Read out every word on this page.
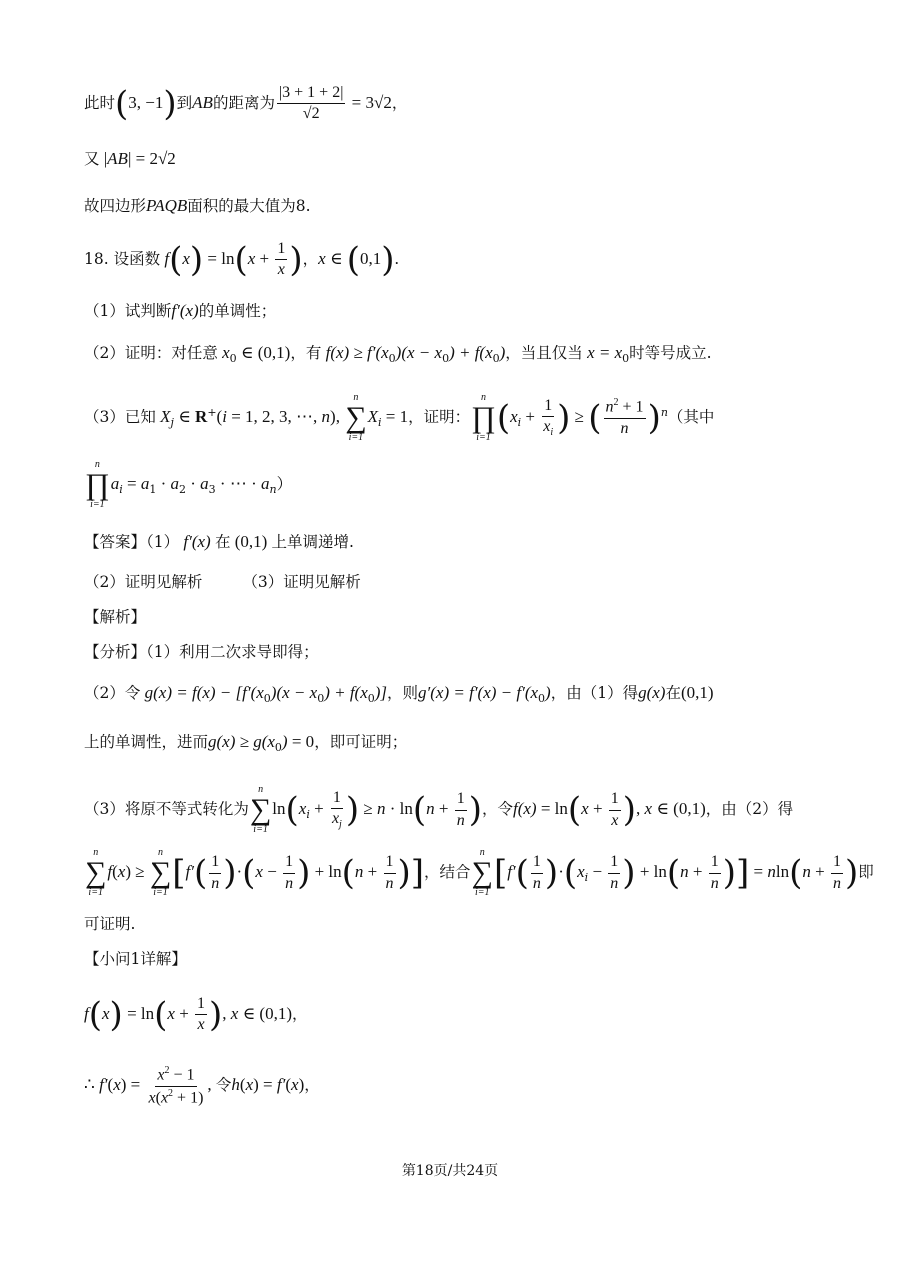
此时(3, −1)到AB的距离为 $\frac{|3 + 1 + 2|}{√2} = 3√2$，
又 |AB| = 2√2
故四边形PAQB面积的最大值为8.
18. 设函数 $f(x) = \ln(x + \frac{1}{x}$ )，x ∈ (0,1).
（1）试判断f′(x)的单调性；
（2）证明：对任意 $x_0$ ∈ (0,1)，有 $f(x) \ge f'(x_0)(x - x_0) + f(x_0)$，当且仅当 $x = x_0$时等号成立.
（3）已知 $X_j$ ∈ R+(i = 1, 2, 3, ⋯, n),
n
∑
i=1
$X_i = 1$，证明：
n
∏
i=1 ($x_i + \frac{1}{x_i}$ ) ≥ ( $\frac{n^2 + 1}{n} )^n$（其中
n
∏
i=1
$a_i = a_1 \cdot a_2 \cdot a_3$ · ⋯ · $a_n$）
【答案】（1） f′(x) 在 (0,1) 上单调递增.
（2）证明见解析	（3）证明见解析
【解析】
【分析】（1）利用二次求导即得；
（2）令 $g(x) = f(x) - [f'(x_0)(x - x_0) + f(x_0)]$，则$g'(x) = f'(x) - f'(x_0)$，由（1）得g(x)在(0,1)
上的单调性，进而$g(x) \ge g(x_0) = 0$，即可证明；
（3）将原不等式转化为
n
∑
i=1
$\ln(x_i + \frac{1}{x_j}$ ) ≥ $n \cdot \ln(n + \frac{1}{n}$ )，令$f(x) = \ln(x + \frac{1}{x}$ ), x ∈ (0,1)，由（2）得
n
∑
i=1
f(x) ≥
n
∑
i=1 [$f'( \frac{1}{n} )\cdot(x - \frac{1}{n}$ ) + $\ln(n + \frac{1}{n}$ )]，结合
n
∑
i=1 [$f'( \frac{1}{n} )\cdot(x_i - \frac{1}{n}$ ) + $\ln(n + \frac{1}{n}$ )] = $nln(n + \frac{1}{n}$ )即
可证明.
【小问1详解】
$f(x) = \ln(x + \frac{1}{x}$ ), x ∈ (0,1)，
∴ $f'(x) = \frac{x^2 - 1}{x(x^2 + 1)}$ , 令h(x) = f′(x)，
第18页/共24页
